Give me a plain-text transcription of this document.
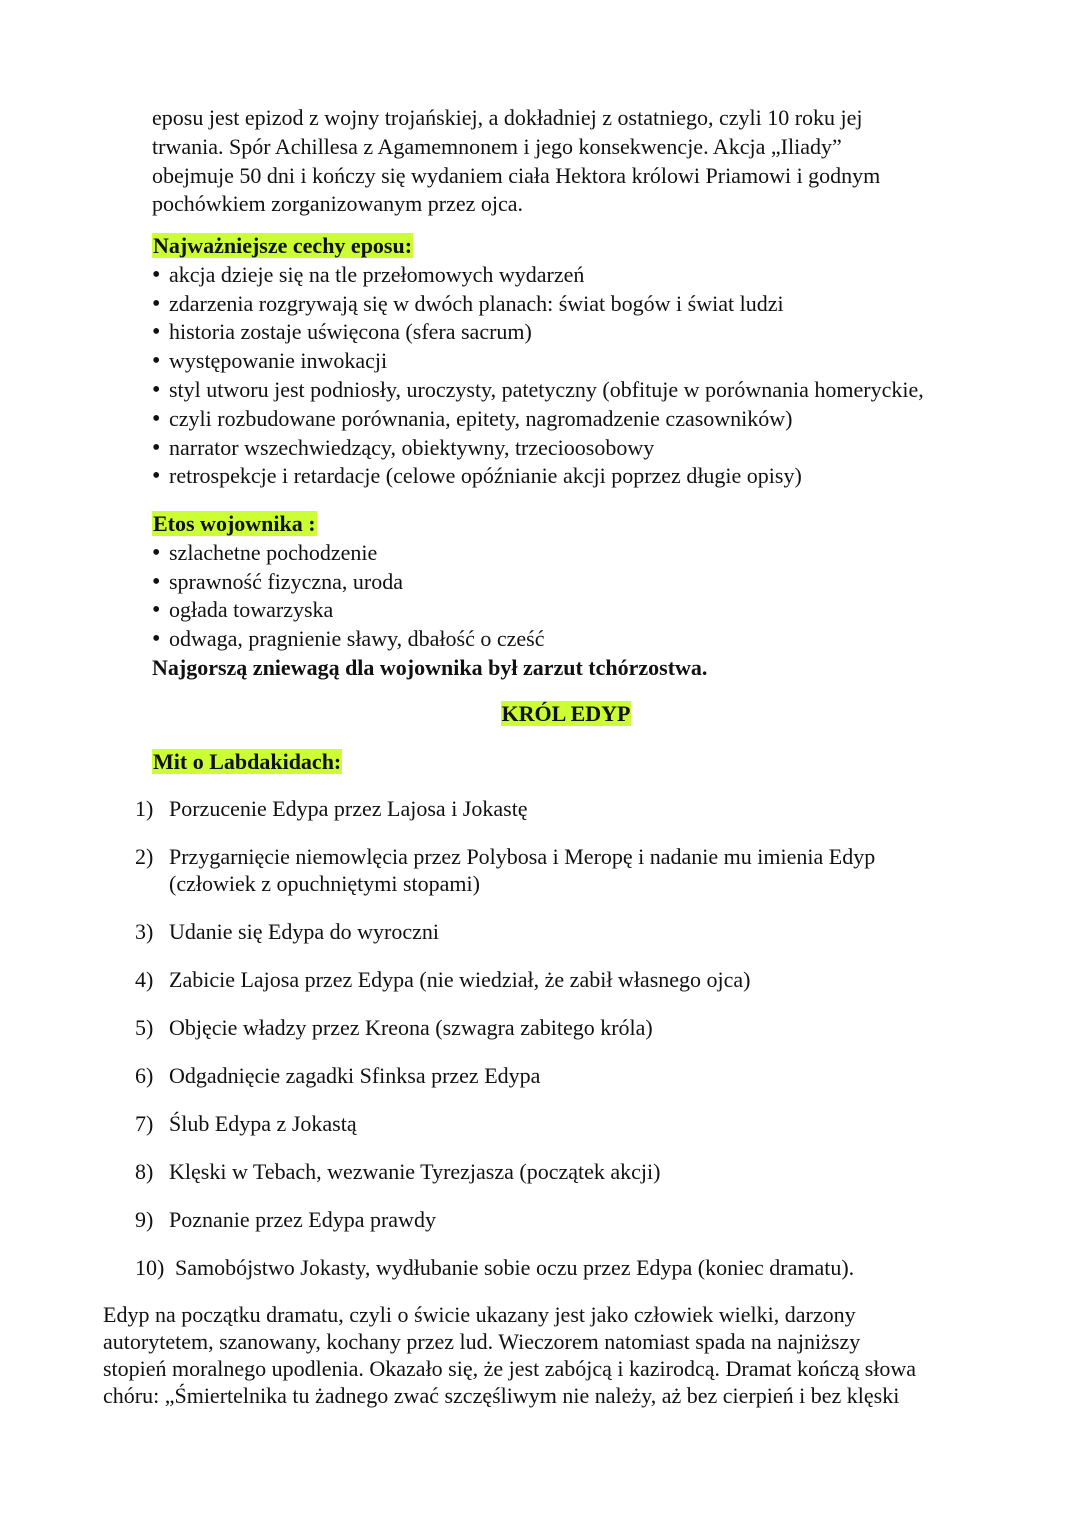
eposu jest epizod z wojny trojańskiej, a dokładniej z ostatniego, czyli 10 roku jej

trwania. Spór Achillesa z Agamemnonem i jego konsekwencje. Akcja „Iliady”

obejmuje 50 dni i kończy się wydaniem ciała Hektora królowi Priamowi i godnym

pochówkiem zorganizowanym przez ojca.

Najważniejsze cechy eposu:

• akcja dzieje się na tle przełomowych wydarzeń
• zdarzenia rozgrywają się w dwóch planach: świat bogów i świat ludzi
• historia zostaje uświęcona (sfera sacrum)
• występowanie inwokacji
• styl utworu jest podniosły, uroczysty, patetyczny (obfituje w porównania homeryckie,
• czyli rozbudowane porównania, epitety, nagromadzenie czasowników)
• narrator wszechwiedzący, obiektywny, trzecioosobowy
• retrospekcje i retardacje (celowe opóźnianie akcji poprzez długie opisy)

Etos wojownika :

• szlachetne pochodzenie
• sprawność fizyczna, uroda
• ogłada towarzyska
• odwaga, pragnienie sławy, dbałość o cześć

Najgorszą zniewagą dla wojownika był zarzut tchórzostwa.

KRÓL EDYP

Mit o Labdakidach:

1) Porzucenie Edypa przez Lajosa i Jokastę
2) Przygarnięcie niemowlęcia przez Polybosa i Meropę i nadanie mu imienia Edyp
(człowiek z opuchniętymi stopami)
3) Udanie się Edypa do wyroczni
4) Zabicie Lajosa przez Edypa (nie wiedział, że zabił własnego ojca)
5) Objęcie władzy przez Kreona (szwagra zabitego króla)
6) Odgadnięcie zagadki Sfinksa przez Edypa
7) Ślub Edypa z Jokastą
8) Klęski w Tebach, wezwanie Tyrezjasza (początek akcji)
9) Poznanie przez Edypa prawdy
10) Samobójstwo Jokasty, wydłubanie sobie oczu przez Edypa (koniec dramatu).

Edyp na początku dramatu, czyli o świcie ukazany jest jako człowiek wielki, darzony

autorytetem, szanowany, kochany przez lud. Wieczorem natomiast spada na najniższy

stopień moralnego upodlenia. Okazało się, że jest zabójcą i kazirodcą. Dramat kończą słowa

chóru: „Śmiertelnika tu żadnego zwać szczęśliwym nie należy, aż bez cierpień i bez klęski
